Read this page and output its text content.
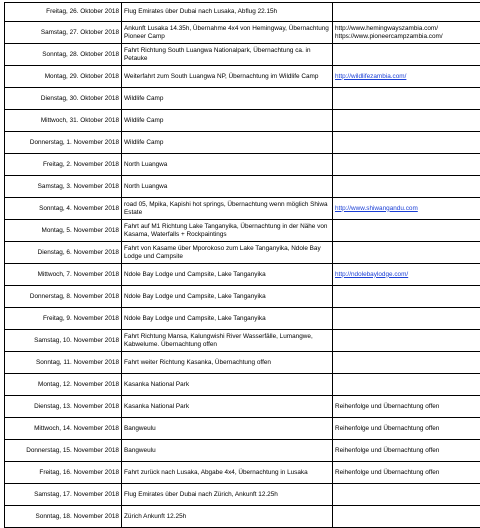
Freitag, 26. Oktober 2018	Flug Emirates über Dubai nach Lusaka, Abflug 22.15h	
Samstag, 27. Oktober 2018	Ankunft Lusaka 14.35h, Übernahme 4x4 von Hemingway, Übernachtung Pioneer Camp	http://www.hemingwayszambia.com/ https://www.pioneercampzambia.com/
Sonntag, 28. Oktober 2018	Fahrt Richtung South Luangwa Nationalpark, Übernachtung ca. in Petauke	
Montag, 29. Oktober 2018	Weiterfahrt zum South Luangwa NP, Übernachtung im Wildlife Camp	http://wildlifezambia.com/
Dienstag, 30. Oktober 2018	Wildlife Camp	
Mittwoch, 31. Oktober 2018	Wildlife Camp	
Donnerstag, 1. November 2018	Wildlife Camp	
Freitag, 2. November 2018	North Luangwa	
Samstag, 3. November 2018	North Luangwa	
Sonntag, 4. November 2018	road 05, Mpika, Kapishi hot springs, Übernachtung wenn möglich Shiwa Estate	http://www.shiwangandu.com
Montag, 5. November 2018	Fahrt auf M1 Richtung Lake Tanganyika, Übernachtung in der Nähe von Kasama, Waterfalls + Rockpaintings	
Dienstag, 6. November 2018	Fahrt von Kasame über Mporokoso zum Lake Tanganyika, Ndole Bay Lodge und Campsite	
Mittwoch, 7. November 2018	Ndole Bay Lodge und Campsite, Lake Tanganyika	http://ndolebaylodge.com/
Donnerstag, 8. November 2018	Ndole Bay Lodge und Campsite, Lake Tanganyika	
Freitag, 9. November 2018	Ndole Bay Lodge und Campsite, Lake Tanganyika	
Samstag, 10. November 2018	Fahrt Richtung Mansa, Kalungwishi River Wasserfälle, Lumangwe, Kabwelume. Übernachtung offen	
Sonntag, 11. November 2018	Fahrt weiter Richtung Kasanka, Übernachtung offen	
Montag, 12. November 2018	Kasanka National Park	
Dienstag, 13. November 2018	Kasanka National Park	Reihenfolge und Übernachtung offen
Mittwoch, 14. November 2018	Bangweulu	Reihenfolge und Übernachtung offen
Donnerstag, 15. November 2018	Bangweulu	Reihenfolge und Übernachtung offen
Freitag, 16. November 2018	Fahrt zurück nach Lusaka, Abgabe 4x4, Übernachtung in Lusaka	Reihenfolge und Übernachtung offen
Samstag, 17. November 2018	Flug Emirates über Dubai nach Zürich, Ankunft 12.25h	
Sonntag, 18. November 2018	Zürich Ankunft 12.25h	
